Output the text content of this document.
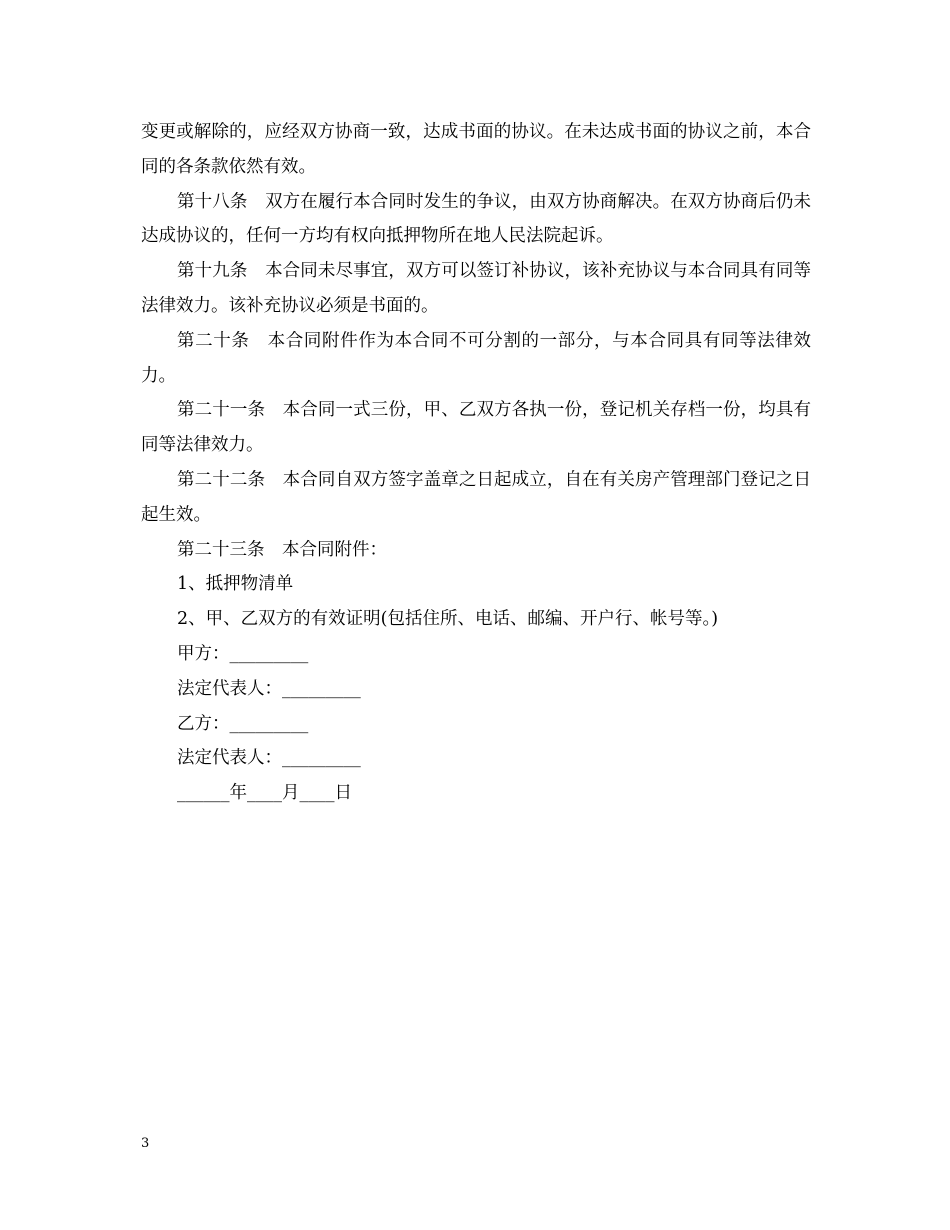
变更或解除的，应经双方协商一致，达成书面的协议。在未达成书面的协议之前，本合同的各条款依然有效。

第十八条　双方在履行本合同时发生的争议，由双方协商解决。在双方协商后仍未达成协议的，任何一方均有权向抵押物所在地人民法院起诉。

第十九条　本合同未尽事宜，双方可以签订补协议，该补充协议与本合同具有同等法律效力。该补充协议必须是书面的。

第二十条　本合同附件作为本合同不可分割的一部分，与本合同具有同等法律效力。

第二十一条　本合同一式三份，甲、乙双方各执一份，登记机关存档一份，均具有同等法律效力。

第二十二条　本合同自双方签字盖章之日起成立，自在有关房产管理部门登记之日起生效。

第二十三条　本合同附件：

1、抵押物清单

2、甲、乙双方的有效证明(包括住所、电话、邮编、开户行、帐号等。)

甲方：_________

法定代表人：_________

乙方：_________

法定代表人：_________

______年____月____日

3
